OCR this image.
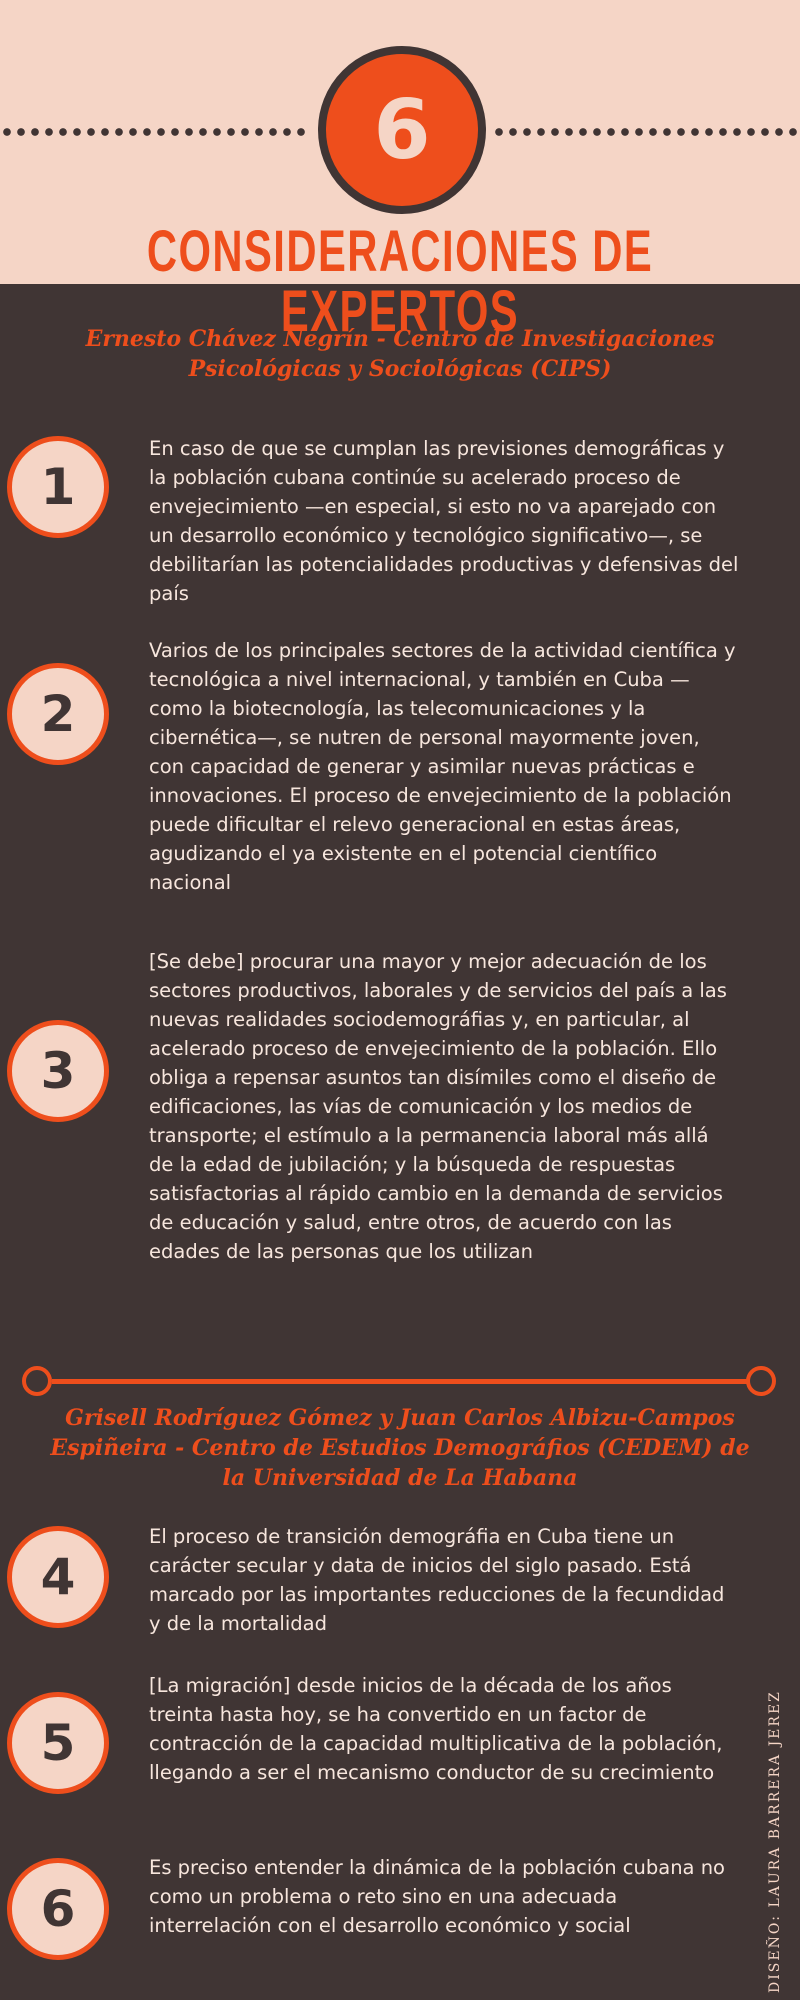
6
CONSIDERACIONES DE EXPERTOS
Ernesto Chávez Negrín - Centro de Investigaciones Psicológicas y Sociológicas (CIPS)
1

En caso de que se cumplan las previsiones demográficas y la población cubana continúe su acelerado proceso de envejecimiento —en especial, si esto no va aparejado con un desarrollo económico y tecnológico significativo—, se debilitarían las potencialidades productivas y defensivas del país

2

Varios de los principales sectores de la actividad científica y tecnológica a nivel internacional, y también en Cuba —como la biotecnología, las telecomunicaciones y la cibernética—, se nutren de personal mayormente joven, con capacidad de generar y asimilar nuevas prácticas e innovaciones. El proceso de envejecimiento de la población puede dificultar el relevo generacional en estas áreas, agudizando el ya existente en el potencial científico nacional

3

[Se debe] procurar una mayor y mejor adecuación de los sectores productivos, laborales y de servicios del país a las nuevas realidades sociodemográfias y, en particular, al acelerado proceso de envejecimiento de la población. Ello obliga a repensar asuntos tan disímiles como el diseño de edificaciones, las vías de comunicación y los medios de transporte; el estímulo a la permanencia laboral más allá de la edad de jubilación; y la búsqueda de respuestas satisfactorias al rápido cambio en la demanda de servicios de educación y salud, entre otros, de acuerdo con las edades de las personas que los utilizan

Grisell Rodríguez Gómez y Juan Carlos Albizu-Campos Espiñeira - Centro de Estudios Demográfios (CEDEM) de la Universidad de La Habana
4

El proceso de transición demográfia en Cuba tiene un carácter secular y data de inicios del siglo pasado. Está marcado por las importantes reducciones de la fecundidad y de la mortalidad

5

[La migración] desde inicios de la década de los años treinta hasta hoy, se ha convertido en un factor de contracción de la capacidad multiplicativa de la población, llegando a ser el mecanismo conductor de su crecimiento

6

Es preciso entender la dinámica de la población cubana no como un problema o reto sino en una adecuada interrelación con el desarrollo económico y social	DISEÑO: LAURA BARRERA JEREZ
